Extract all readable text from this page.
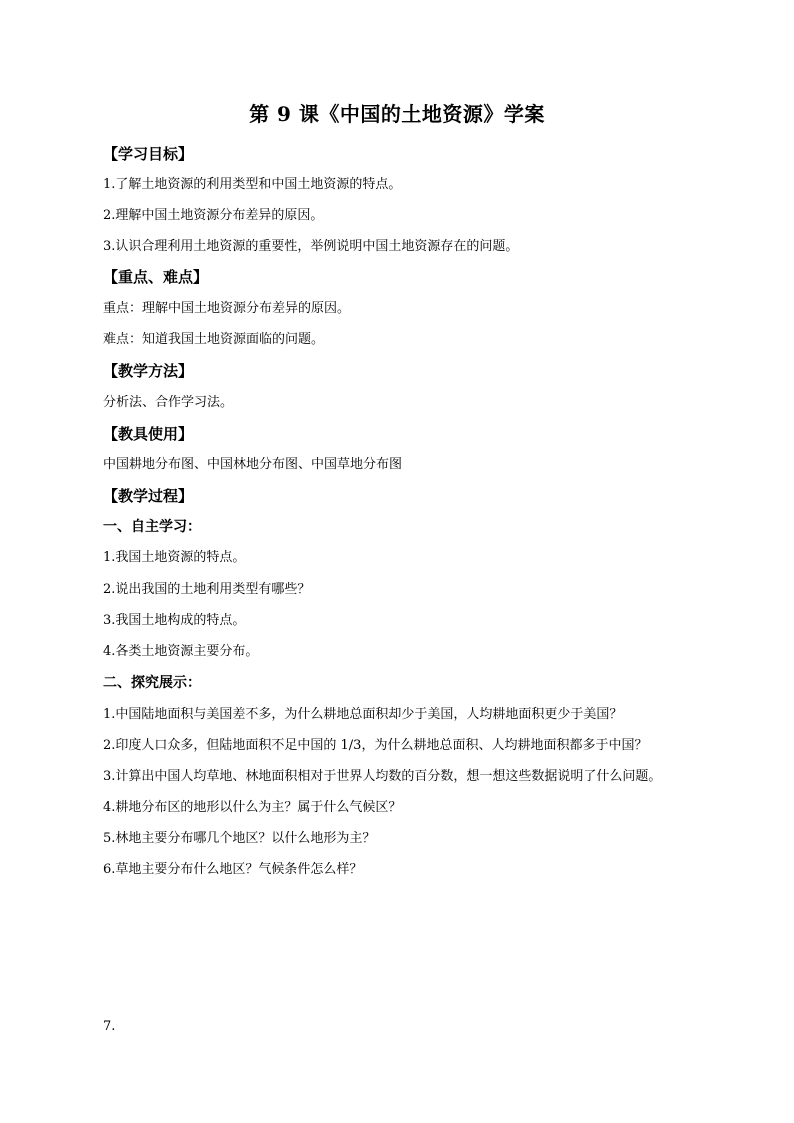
第 9 课《中国的土地资源》学案
【学习目标】
1.了解土地资源的利用类型和中国土地资源的特点。
2.理解中国土地资源分布差异的原因。
3.认识合理利用土地资源的重要性，举例说明中国土地资源存在的问题。
【重点、难点】
重点：理解中国土地资源分布差异的原因。
难点：知道我国土地资源面临的问题。
【教学方法】
分析法、合作学习法。
【教具使用】
中国耕地分布图、中国林地分布图、中国草地分布图
【教学过程】
一、自主学习：
1.我国土地资源的特点。
2.说出我国的土地利用类型有哪些？
3.我国土地构成的特点。
4.各类土地资源主要分布。
二、探究展示：
1.中国陆地面积与美国差不多，为什么耕地总面积却少于美国，人均耕地面积更少于美国？
2.印度人口众多，但陆地面积不足中国的 1/3，为什么耕地总面积、人均耕地面积都多于中国？
3.计算出中国人均草地、林地面积相对于世界人均数的百分数，想一想这些数据说明了什么问题。
4.耕地分布区的地形以什么为主？属于什么气候区？
5.林地主要分布哪几个地区？以什么地形为主？
6.草地主要分布什么地区？气候条件怎么样？
7.
